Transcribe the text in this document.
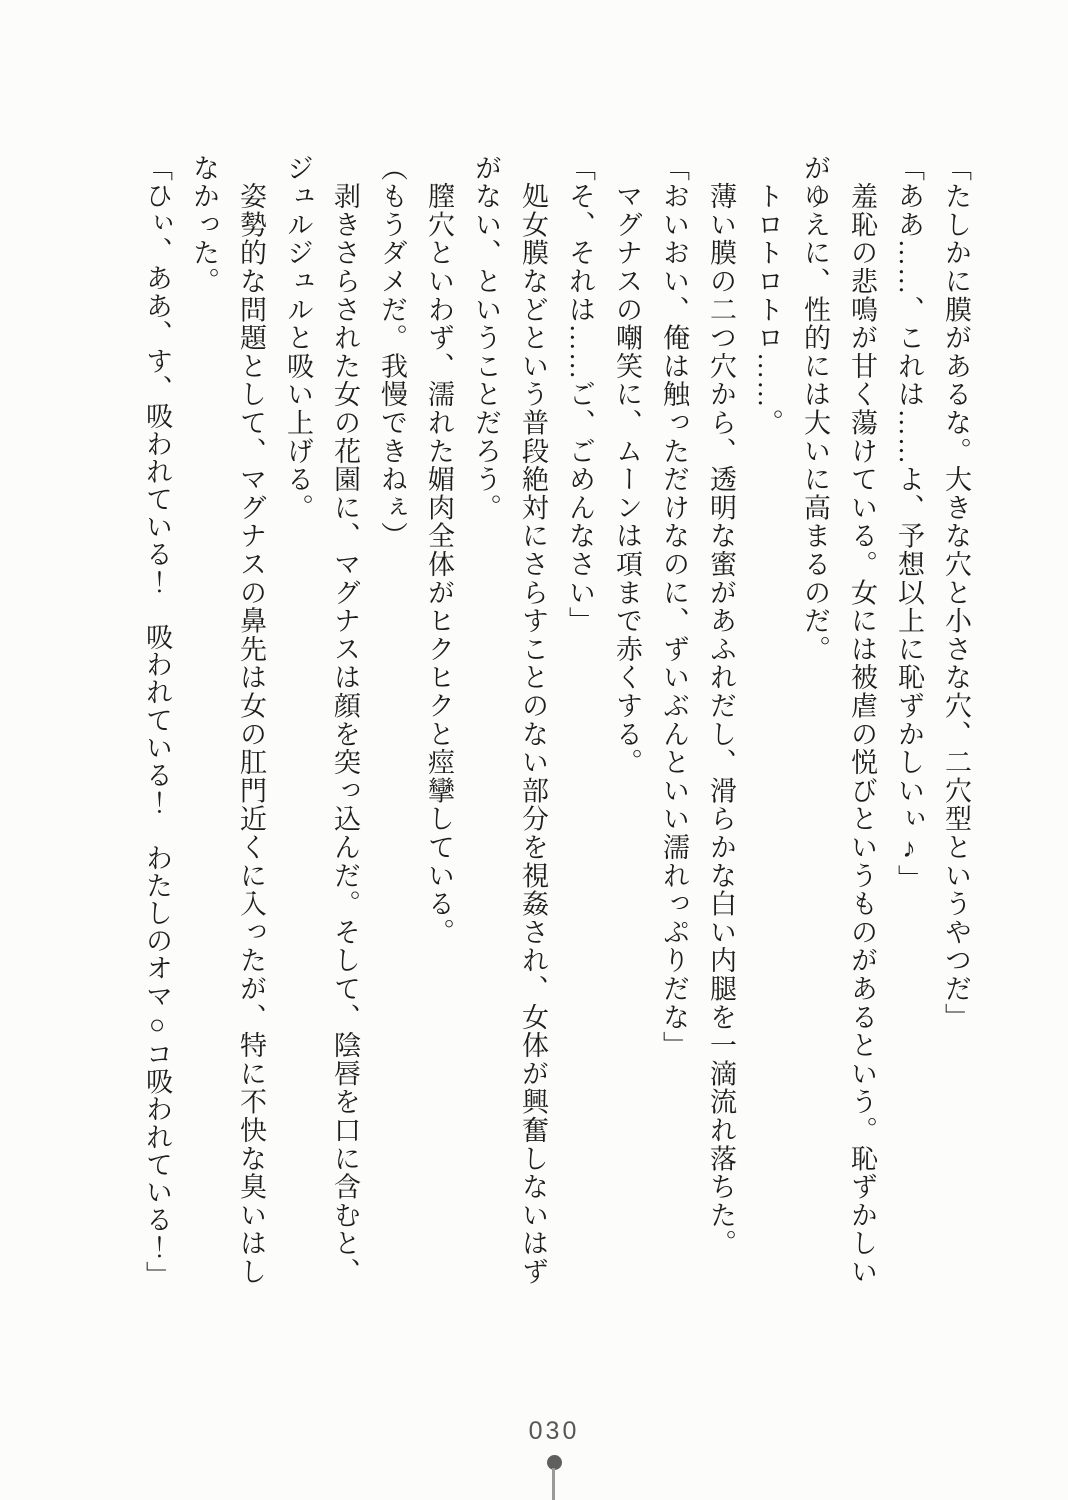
「たしかに膜があるな。大きな穴と小さな穴、二穴型というやつだ」

「ああ……、これは……よ、予想以上に恥ずかしいぃ♪」

　羞恥の悲鳴が甘く蕩けている。女には被虐の悦びというものがあるという。恥ずかしいがゆえに、性的には大いに高まるのだ。

　トロトロトロ……。

　薄い膜の二つ穴から、透明な蜜があふれだし、滑らかな白い内腿を一滴流れ落ちた。

「おいおい、俺は触っただけなのに、ずいぶんといい濡れっぷりだな」

　マグナスの嘲笑に、ムーンは項まで赤くする。

「そ、それは……ご、ごめんなさい」

　処女膜などという普段絶対にさらすことのない部分を視姦され、女体が興奮しないはずがない、ということだろう。

　膣穴といわず、濡れた媚肉全体がヒクヒクと痙攣している。

（もうダメだ。我慢できねぇ）

　剥きさらされた女の花園に、マグナスは顔を突っ込んだ。そして、陰唇を口に含むと、ジュルジュルと吸い上げる。

　姿勢的な問題として、マグナスの鼻先は女の肛門近くに入ったが、特に不快な臭いはしなかった。

「ひぃ、ああ、す、吸われている！　吸われている！　わたしのオマ○コ吸われている！」

030
